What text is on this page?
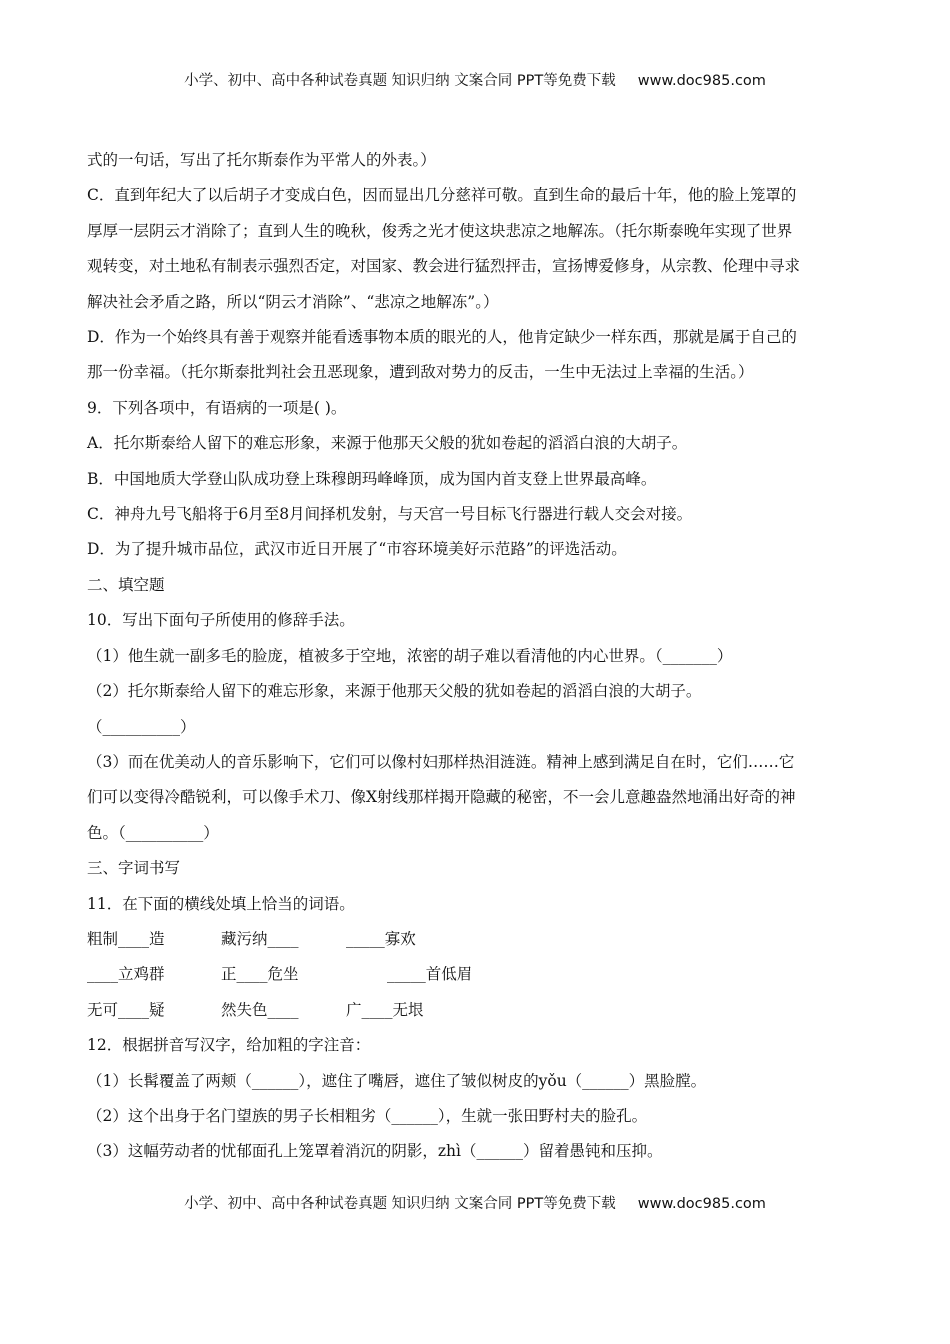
小学、初中、高中各种试卷真题 知识归纳 文案合同 PPT等免费下载 www.doc985.com

式的一句话，写出了托尔斯泰作为平常人的外表。）

C．直到年纪大了以后胡子才变成白色，因而显出几分慈祥可敬。直到生命的最后十年，他的脸上笼罩的

厚厚一层阴云才消除了；直到人生的晚秋，俊秀之光才使这块悲凉之地解冻。（托尔斯泰晚年实现了世界

观转变，对土地私有制表示强烈否定，对国家、教会进行猛烈抨击，宣扬博爱修身，从宗教、伦理中寻求

解决社会矛盾之路，所以“阴云才消除”、“悲凉之地解冻”。）

D．作为一个始终具有善于观察并能看透事物本质的眼光的人，他肯定缺少一样东西，那就是属于自己的

那一份幸福。（托尔斯泰批判社会丑恶现象，遭到敌对势力的反击，一生中无法过上幸福的生活。）

9．下列各项中，有语病的一项是( )。

A．托尔斯泰给人留下的难忘形象，来源于他那天父般的犹如卷起的滔滔白浪的大胡子。

B．中国地质大学登山队成功登上珠穆朗玛峰峰顶，成为国内首支登上世界最高峰。

C．神舟九号飞船将于6月至8月间择机发射，与天宫一号目标飞行器进行载人交会对接。

D．为了提升城市品位，武汉市近日开展了“市容环境美好示范路”的评选活动。

二、填空题

10．写出下面句子所使用的修辞手法。

（1）他生就一副多毛的脸庞，植被多于空地，浓密的胡子难以看清他的内心世界。（_______）

（2）托尔斯泰给人留下的难忘形象，来源于他那天父般的犹如卷起的滔滔白浪的大胡子。

（__________）

（3）而在优美动人的音乐影响下，它们可以像村妇那样热泪涟涟。精神上感到满足自在时，它们……它

们可以变得冷酷锐利，可以像手术刀、像X射线那样揭开隐藏的秘密，不一会儿意趣盎然地涌出好奇的神

色。（__________）

三、字词书写

11．在下面的横线处填上恰当的词语。

粗制____造	藏污纳____	_____寡欢
____立鸡群	正____危坐	_____首低眉
无可____疑	然失色____	广____无垠

12．根据拼音写汉字，给加粗的字注音：

（1）长髯覆盖了两颊（______），遮住了嘴唇，遮住了皱似树皮的yǒu（______）黑脸膛。

（2）这个出身于名门望族的男子长相粗劣（______），生就一张田野村夫的脸孔。

（3）这幅劳动者的忧郁面孔上笼罩着消沉的阴影，zhì（______）留着愚钝和压抑。

小学、初中、高中各种试卷真题 知识归纳 文案合同 PPT等免费下载 www.doc985.com
